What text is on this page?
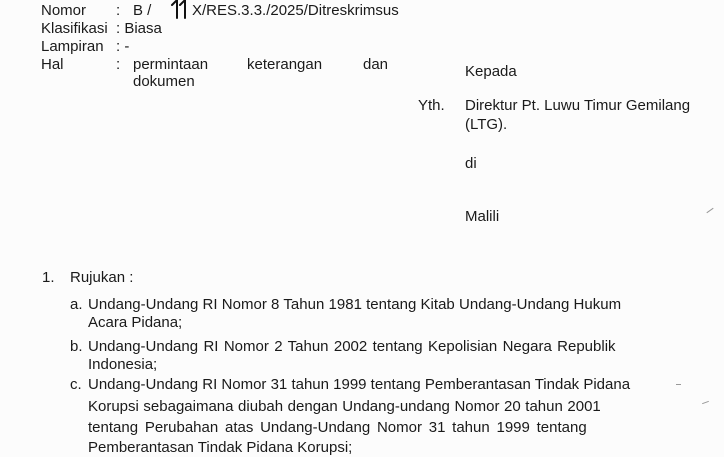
Nomor : B /	X/RES.3.3./2025/Ditreskrimsus
Klasifikasi : Biasa
Lampiran : -
Hal	: permintaan	keterangan	dan
dokumen
Kepada
Yth. Direktur Pt. Luwu Timur Gemilang
(LTG).
di
Malili
1. Rujukan :
a. Undang-Undang RI Nomor 8 Tahun 1981 tentang Kitab Undang-Undang Hukum
Acara Pidana;
b. Undang-Undang RI Nomor 2 Tahun 2002 tentang Kepolisian Negara Republik
Indonesia;
c. Undang-Undang RI Nomor 31 tahun 1999 tentang Pemberantasan Tindak Pidana
Korupsi sebagaimana diubah dengan Undang-undang Nomor 20 tahun 2001
tentang Perubahan atas Undang-Undang Nomor 31 tahun 1999 tentang
Pemberantasan Tindak Pidana Korupsi;
